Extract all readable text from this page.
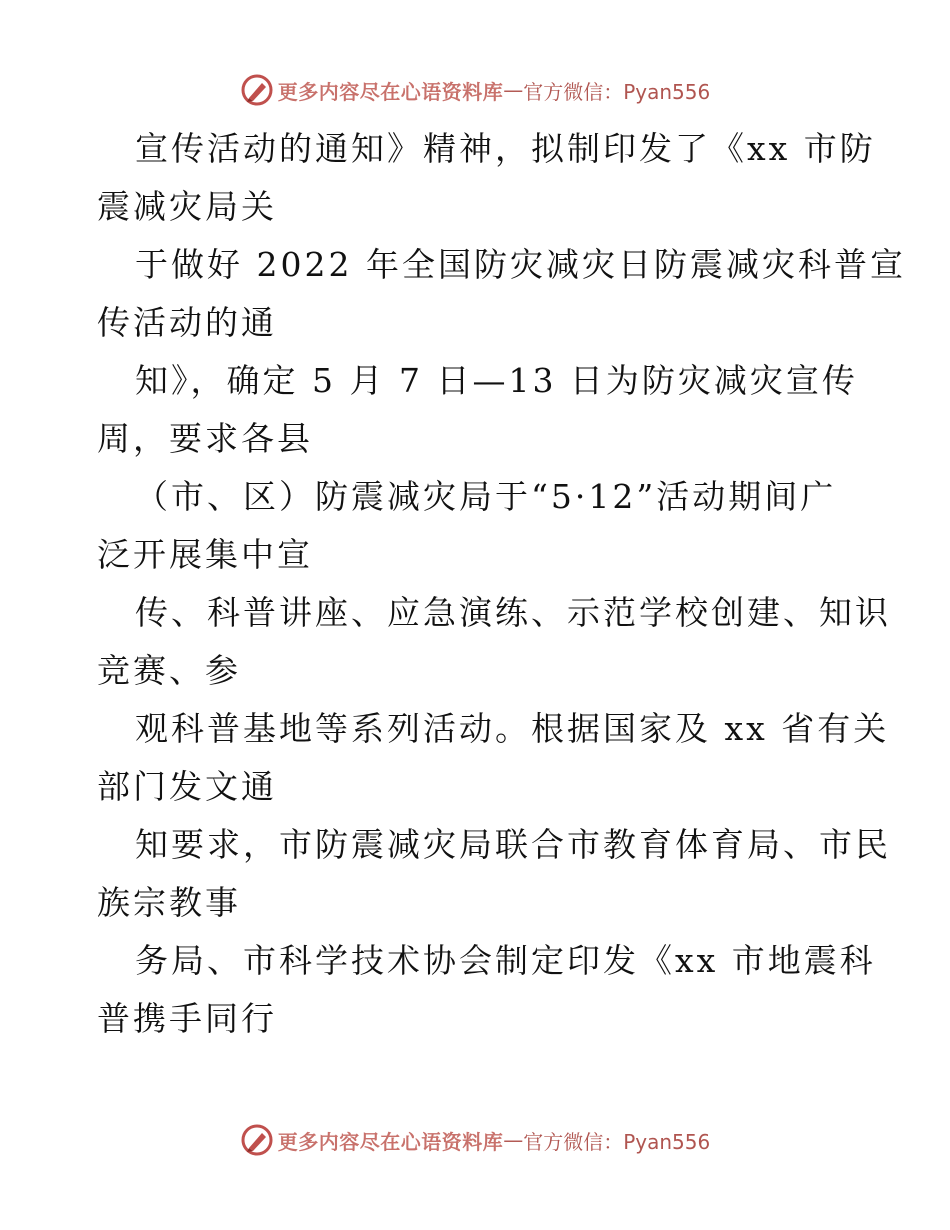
更多内容尽在心语资料库 — 官方微信：Pyan556
宣传活动的通知》精神，拟制印发了《xx 市防
震减灾局关
于做好 2022 年全国防灾减灾日防震减灾科普宣
传活动的通
知》，确定 5 月 7 日—13 日为防灾减灾宣传
周，要求各县
（市、区）防震减灾局于“5·12”活动期间广
泛开展集中宣
传、科普讲座、应急演练、示范学校创建、知识
竞赛、参
观科普基地等系列活动。根据国家及 xx 省有关
部门发文通
知要求，市防震减灾局联合市教育体育局、市民
族宗教事
务局、市科学技术协会制定印发《xx 市地震科
普携手同行
更多内容尽在心语资料库 — 官方微信：Pyan556
